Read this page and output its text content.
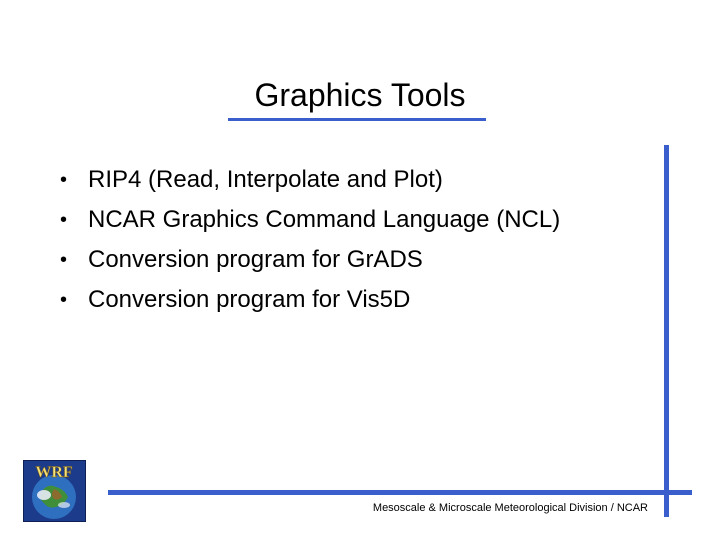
Graphics Tools
• RIP4 (Read, Interpolate and Plot)
• NCAR Graphics Command Language (NCL)
• Conversion program for GrADS
• Conversion program for Vis5D
WRF
Mesoscale & Microscale Meteorological Division / NCAR
